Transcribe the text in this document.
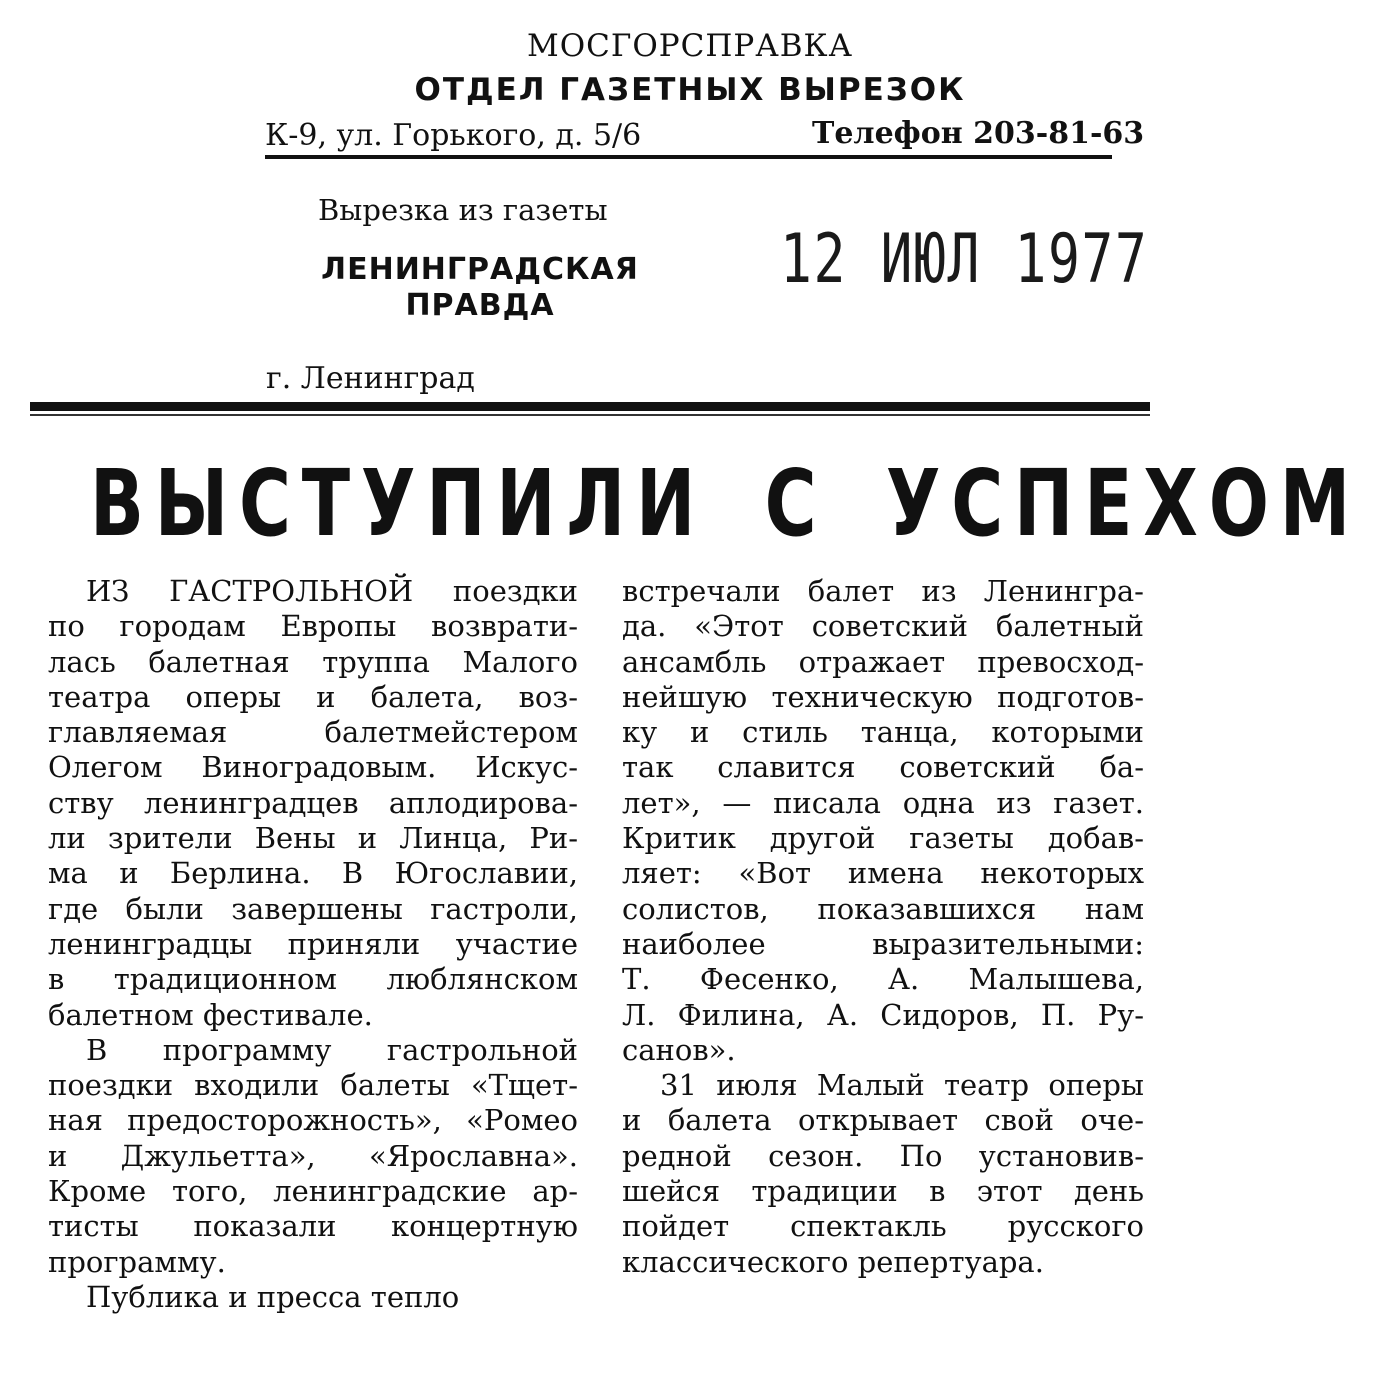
МОСГОРСПРАВКА
ОТДЕЛ ГАЗЕТНЫХ ВЫРЕЗОК
К-9, ул. Горького, д. 5/6	Телефон 203-81-63
Вырезка из газеты
ЛЕНИНГРАДСКАЯ ПРАВДА
12 ИЮЛ 1977
г. Ленинград
ВЫСТУПИЛИ С УСПЕХОМ
ИЗ ГАСТРОЛЬНОЙ поездки
по городам Европы возврати-
лась балетная труппа Малого
театра оперы и балета, воз-
главляемая балетмейстером
Олегом Виноградовым. Искус-
ству ленинградцев аплодирова-
ли зрители Вены и Линца, Ри-
ма и Берлина. В Югославии,
где были завершены гастроли,
ленинградцы приняли участие
в традиционном люблянском
балетном фестивале.
В программу гастрольной
поездки входили балеты «Тщет-
ная предосторожность», «Ромео
и Джульетта», «Ярославна».
Кроме того, ленинградские ар-
тисты показали концертную
программу.
Публика и пресса тепло
встречали балет из Ленингра-
да. «Этот советский балетный
ансамбль отражает превосход-
нейшую техническую подготов-
ку и стиль танца, которыми
так славится советский ба-
лет», — писала одна из газет.
Критик другой газеты добав-
ляет: «Вот имена некоторых
солистов, показавшихся нам
наиболее выразительными:
Т. Фесенко, А. Малышева,
Л. Филина, А. Сидоров, П. Ру-
санов».
31 июля Малый театр оперы
и балета открывает свой оче-
редной сезон. По установив-
шейся традиции в этот день
пойдет спектакль русского
классического репертуара.
